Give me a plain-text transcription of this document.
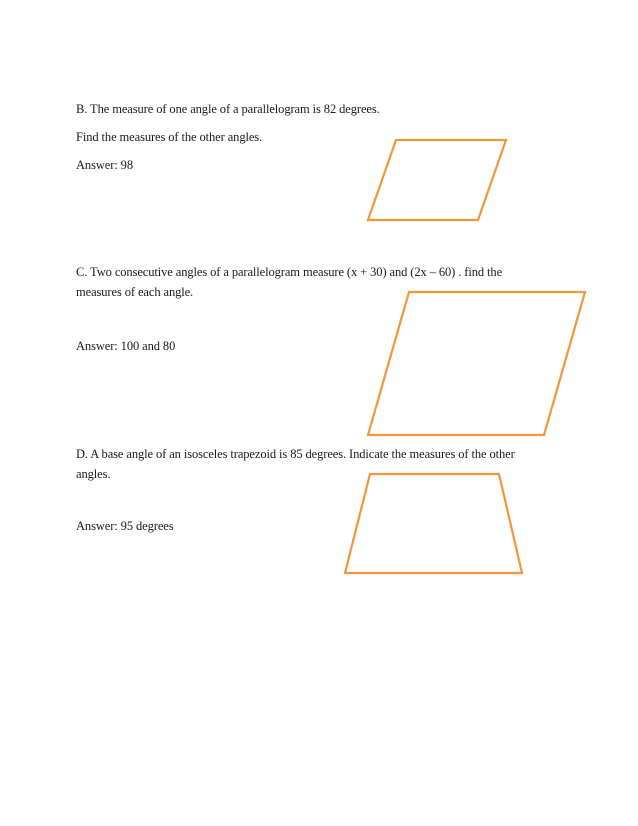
B. The measure of one angle of a parallelogram is 82 degrees.
Find the measures of the other angles.
Answer: 98
C. Two consecutive angles of a parallelogram measure (x + 30) and (2x – 60) . find the
measures of each angle.
Answer: 100 and 80
D. A base angle of an isosceles trapezoid is 85 degrees. Indicate the measures of the other
angles.
Answer: 95 degrees
